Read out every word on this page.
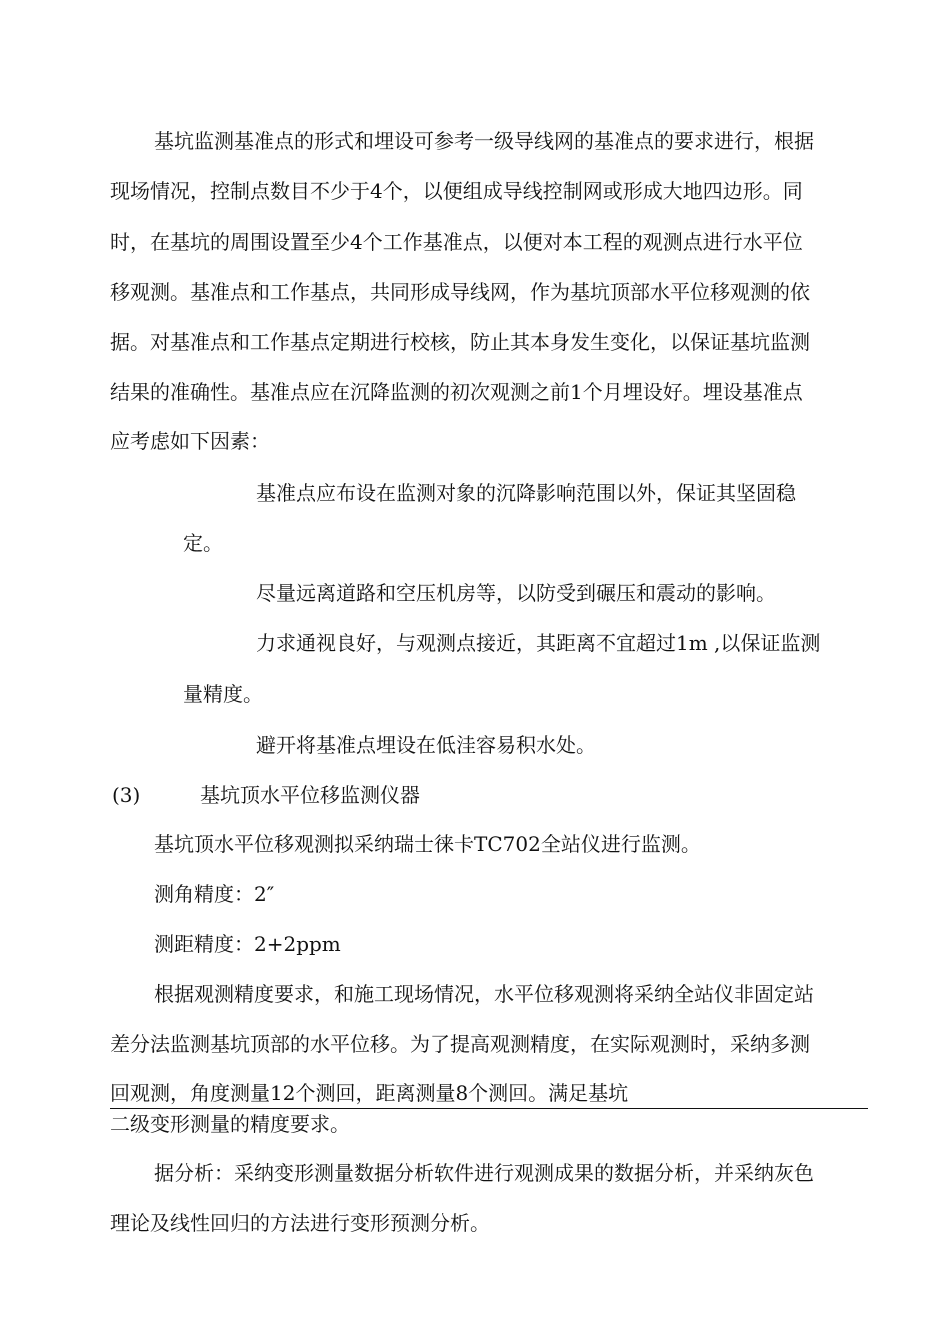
基坑监测基准点的形式和埋设可参考一级导线网的基准点的要求进行，根据
现场情况，控制点数目不少于4个，以便组成导线控制网或形成大地四边形。同
时，在基坑的周围设置至少4个工作基准点，以便对本工程的观测点进行水平位
移观测。基准点和工作基点，共同形成导线网，作为基坑顶部水平位移观测的依
据。对基准点和工作基点定期进行校核，防止其本身发生变化，以保证基坑监测
结果的准确性。基准点应在沉降监测的初次观测之前1个月埋设好。埋设基准点
应考虑如下因素：
基准点应布设在监测对象的沉降影响范围以外，保证其坚固稳
定。
尽量远离道路和空压机房等，以防受到碾压和震动的影响。
力求通视良好，与观测点接近，其距离不宜超过1m ,以保证监测
量精度。
避开将基准点埋设在低洼容易积水处。
(3)	基坑顶水平位移监测仪器
基坑顶水平位移观测拟采纳瑞士徕卡TC702全站仪进行监测。
测角精度：2″
测距精度：2+2ppm
根据观测精度要求，和施工现场情况，水平位移观测将采纳全站仪非固定站
差分法监测基坑顶部的水平位移。为了提高观测精度，在实际观测时，采纳多测
回观测，角度测量12个测回，距离测量8个测回。满足基坑
二级变形测量的精度要求。
据分析：采纳变形测量数据分析软件进行观测成果的数据分析，并采纳灰色
理论及线性回归的方法进行变形预测分析。
